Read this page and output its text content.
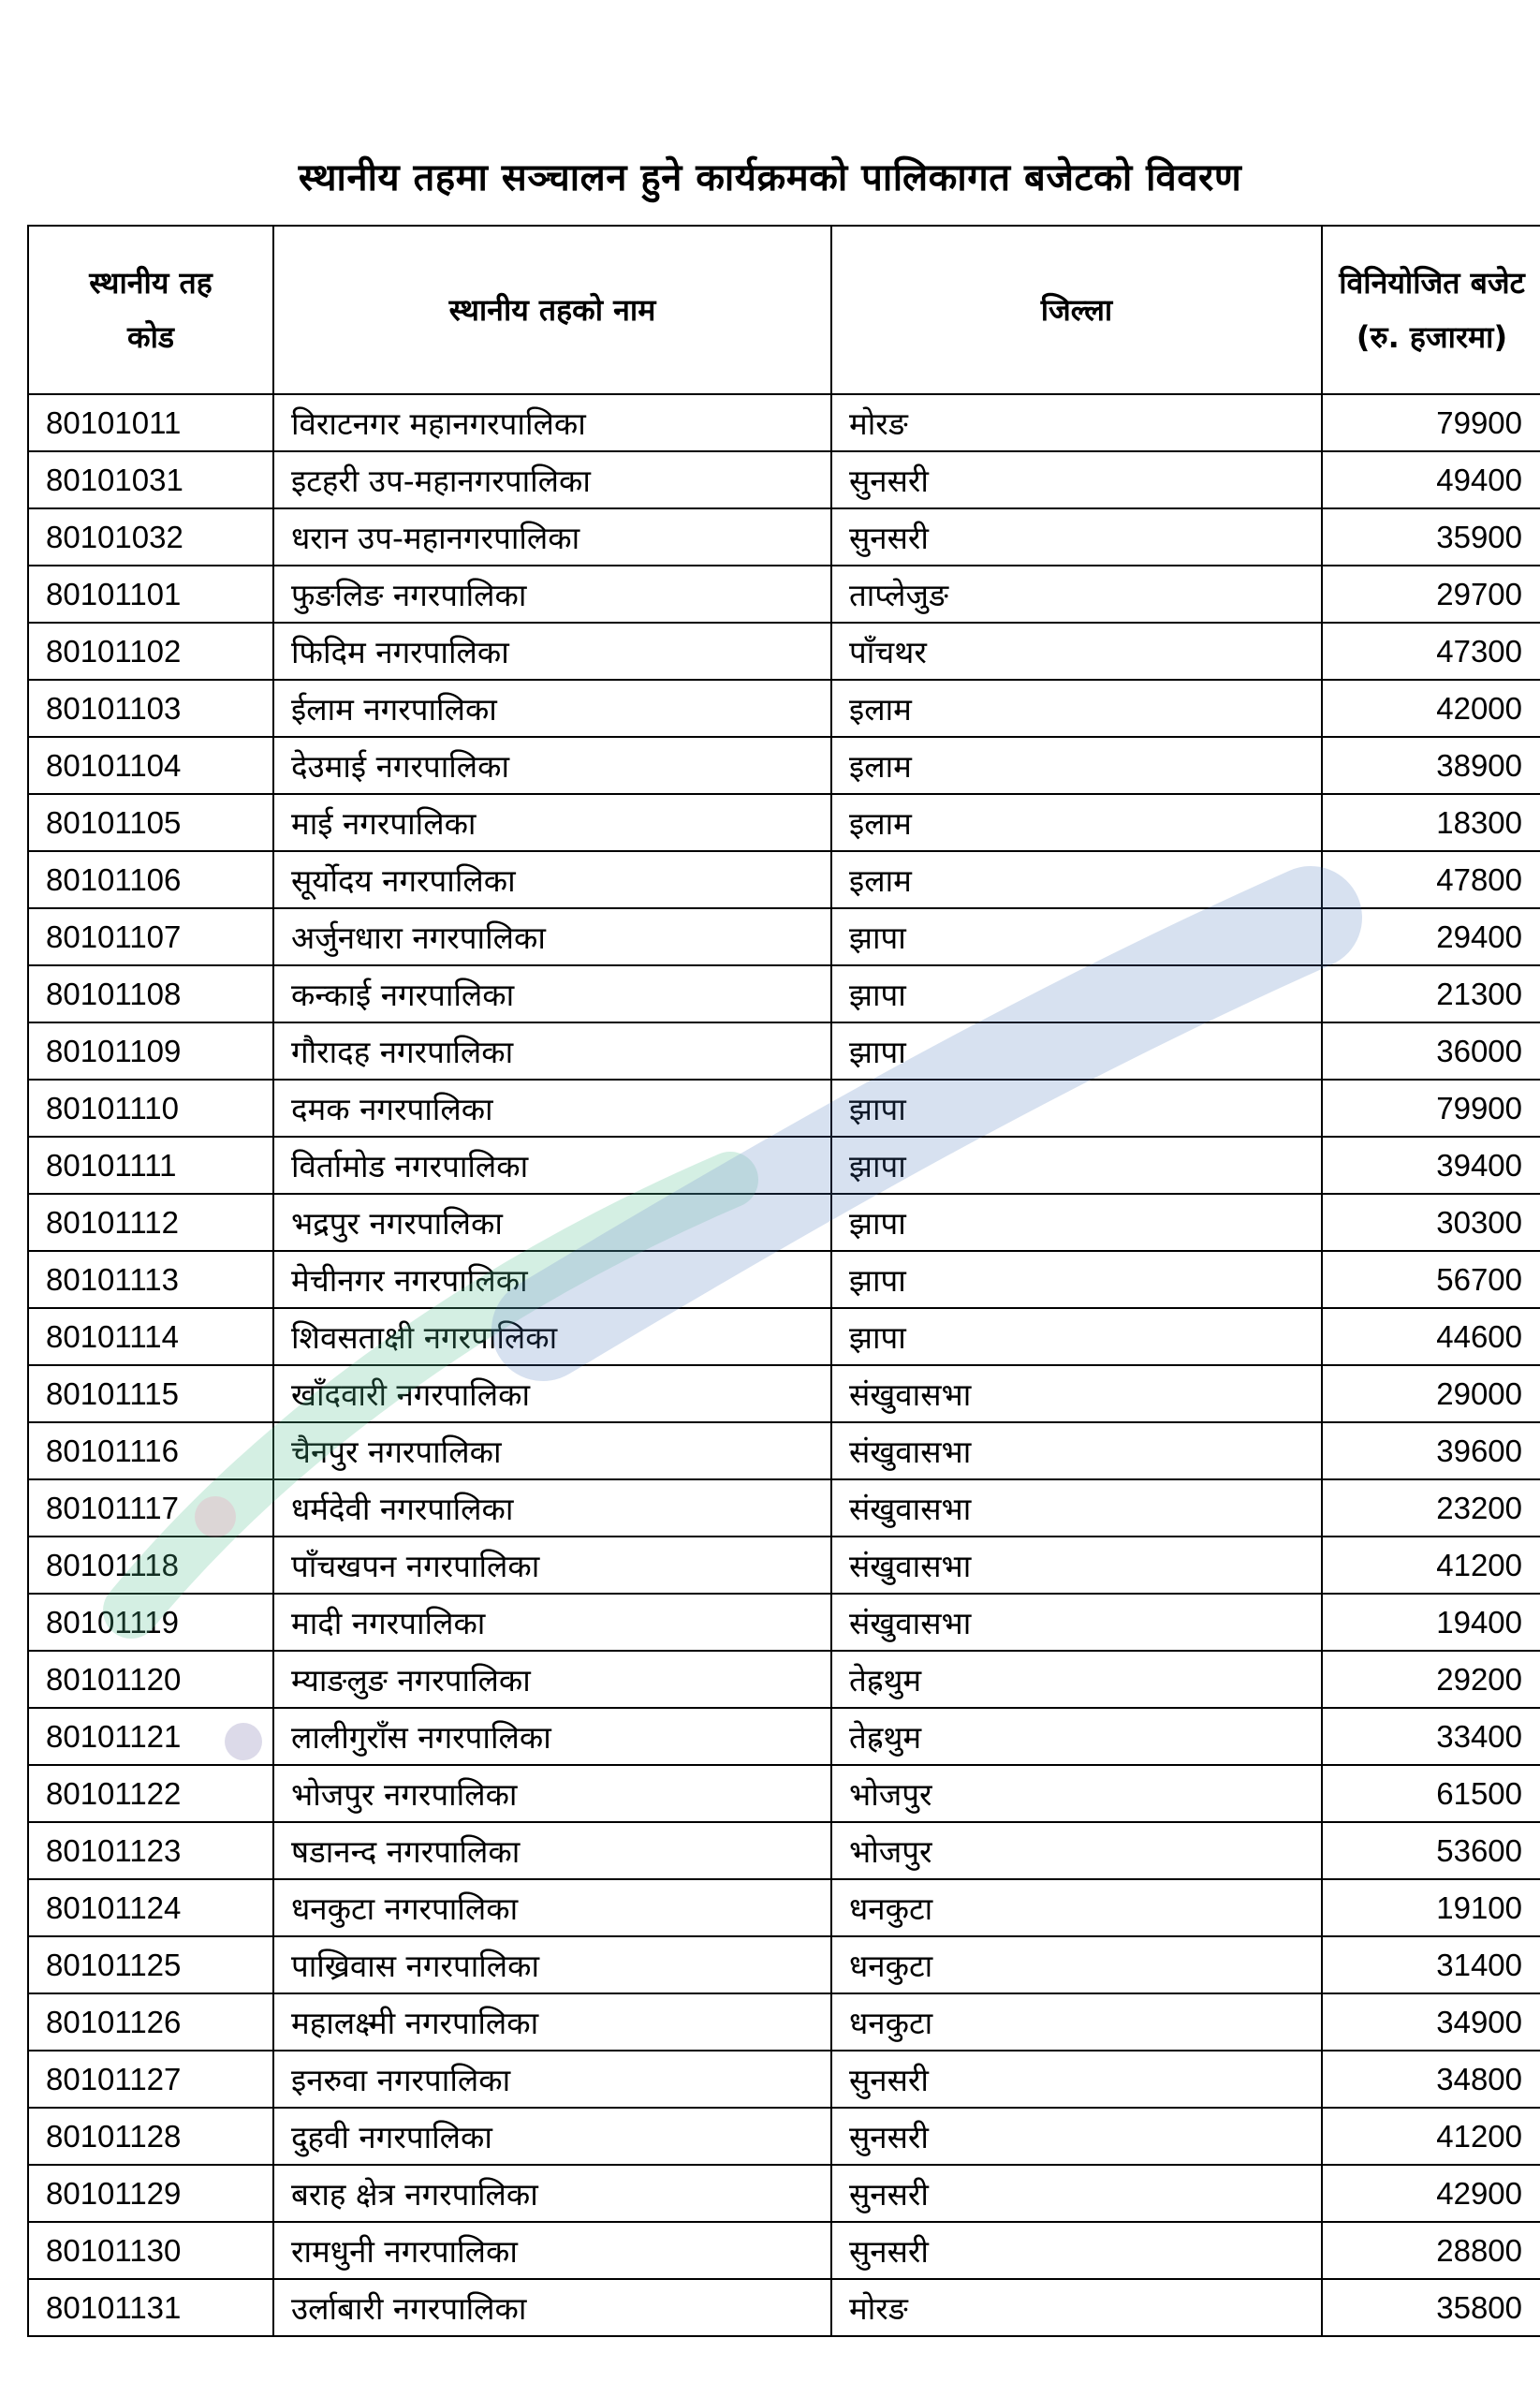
स्थानीय तहमा सञ्चालन हुने कार्यक्रमको पालिकागत बजेटको विवरण
स्थानीय तह कोड	स्थानीय तहको नाम	जिल्ला	विनियोजित बजेट (रु. हजारमा)
80101011	विराटनगर महानगरपालिका	मोरङ	79900
80101031	इटहरी उप-महानगरपालिका	सुनसरी	49400
80101032	धरान उप-महानगरपालिका	सुनसरी	35900
80101101	फुङलिङ नगरपालिका	ताप्लेजुङ	29700
80101102	फिदिम नगरपालिका	पाँचथर	47300
80101103	ईलाम नगरपालिका	इलाम	42000
80101104	देउमाई नगरपालिका	इलाम	38900
80101105	माई नगरपालिका	इलाम	18300
80101106	सूर्योदय नगरपालिका	इलाम	47800
80101107	अर्जुनधारा नगरपालिका	झापा	29400
80101108	कन्काई नगरपालिका	झापा	21300
80101109	गौरादह नगरपालिका	झापा	36000
80101110	दमक नगरपालिका	झापा	79900
80101111	विर्तामोड नगरपालिका	झापा	39400
80101112	भद्रपुर नगरपालिका	झापा	30300
80101113	मेचीनगर नगरपालिका	झापा	56700
80101114	शिवसताक्षी नगरपालिका	झापा	44600
80101115	खाँदवारी नगरपालिका	संखुवासभा	29000
80101116	चैनपुर नगरपालिका	संखुवासभा	39600
80101117	धर्मदेवी नगरपालिका	संखुवासभा	23200
80101118	पाँचखपन नगरपालिका	संखुवासभा	41200
80101119	मादी नगरपालिका	संखुवासभा	19400
80101120	म्याङलुङ नगरपालिका	तेह्रथुम	29200
80101121	लालीगुराँस नगरपालिका	तेह्रथुम	33400
80101122	भोजपुर नगरपालिका	भोजपुर	61500
80101123	षडानन्द नगरपालिका	भोजपुर	53600
80101124	धनकुटा नगरपालिका	धनकुटा	19100
80101125	पाख्रिवास नगरपालिका	धनकुटा	31400
80101126	महालक्ष्मी नगरपालिका	धनकुटा	34900
80101127	इनरुवा नगरपालिका	सुनसरी	34800
80101128	दुहवी नगरपालिका	सुनसरी	41200
80101129	बराह क्षेत्र नगरपालिका	सुनसरी	42900
80101130	रामधुनी नगरपालिका	सुनसरी	28800
80101131	उर्लाबारी नगरपालिका	मोरङ	35800
स्वास्थ्य आवाज
